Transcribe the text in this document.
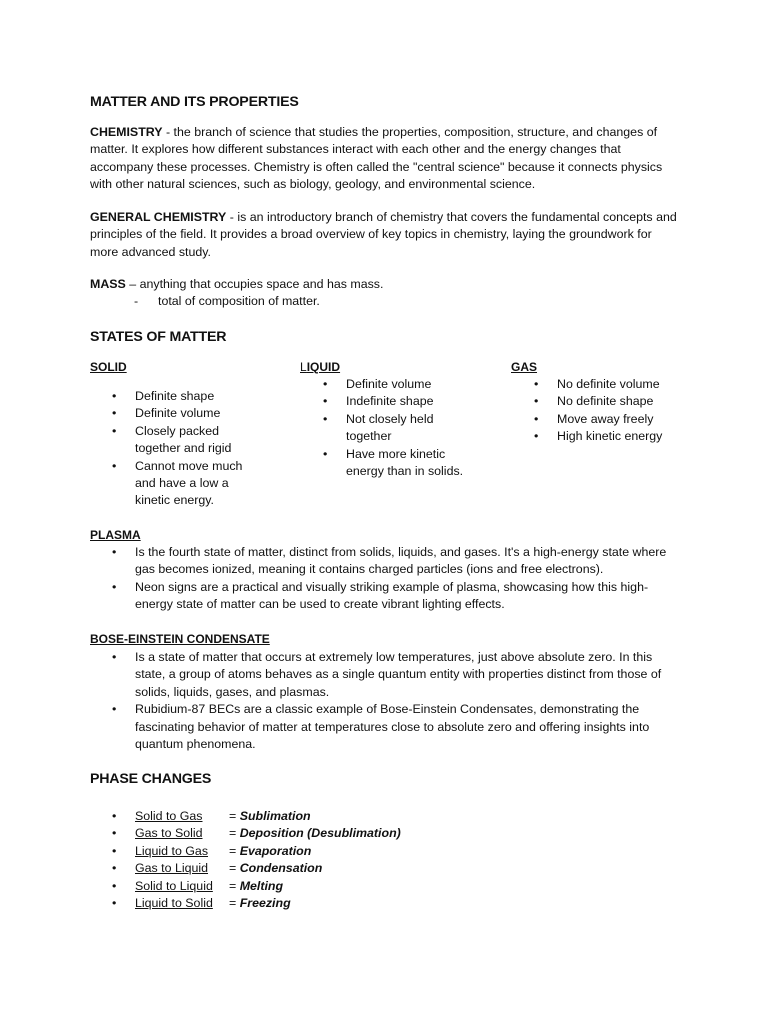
MATTER AND ITS PROPERTIES
CHEMISTRY - the branch of science that studies the properties, composition, structure, and changes of matter. It explores how different substances interact with each other and the energy changes that accompany these processes. Chemistry is often called the "central science" because it connects physics with other natural sciences, such as biology, geology, and environmental science.
GENERAL CHEMISTRY - is an introductory branch of chemistry that covers the fundamental concepts and principles of the field. It provides a broad overview of key topics in chemistry, laying the groundwork for more advanced study.
MASS – anything that occupies space and has mass.
- total of composition of matter.
STATES OF MATTER
SOLID
• Definite shape
• Definite volume
• Closely packed together and rigid
• Cannot move much and have a low a kinetic energy.
LIQUID
• Definite volume
• Indefinite shape
• Not closely held together
• Have more kinetic energy than in solids.
GAS
• No definite volume
• No definite shape
• Move away freely
• High kinetic energy
PLASMA
• Is the fourth state of matter, distinct from solids, liquids, and gases. It's a high-energy state where gas becomes ionized, meaning it contains charged particles (ions and free electrons).
• Neon signs are a practical and visually striking example of plasma, showcasing how this high-energy state of matter can be used to create vibrant lighting effects.
BOSE-EINSTEIN CONDENSATE
• Is a state of matter that occurs at extremely low temperatures, just above absolute zero. In this state, a group of atoms behaves as a single quantum entity with properties distinct from those of solids, liquids, gases, and plasmas.
• Rubidium-87 BECs are a classic example of Bose-Einstein Condensates, demonstrating the fascinating behavior of matter at temperatures close to absolute zero and offering insights into quantum phenomena.
PHASE CHANGES
• Solid to Gas = Sublimation
• Gas to Solid = Deposition (Desublimation)
• Liquid to Gas = Evaporation
• Gas to Liquid = Condensation
• Solid to Liquid = Melting
• Liquid to Solid = Freezing
